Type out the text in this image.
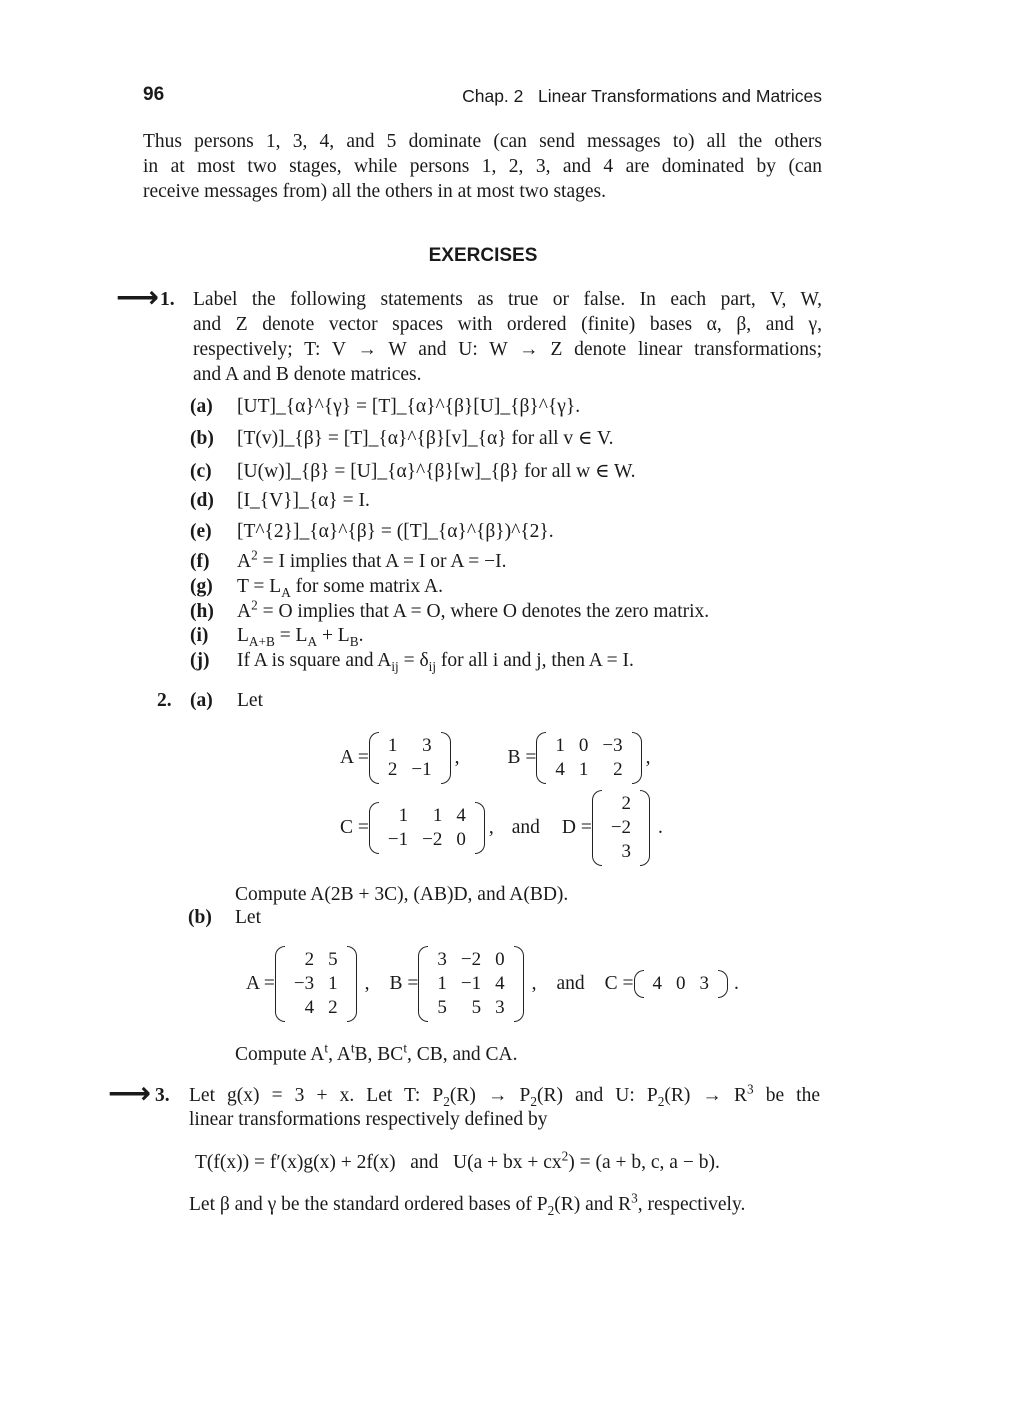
96	Chap. 2   Linear Transformations and Matrices
Thus persons 1, 3, 4, and 5 dominate (can send messages to) all the others
in at most two stages, while persons 1, 2, 3, and 4 are dominated by (can
receive messages from) all the others in at most two stages.
EXERCISES
⟶ 1. Label the following statements as true or false. In each part, V, W,
and Z denote vector spaces with ordered (finite) bases α, β, and γ,
respectively; T: V → W and U: W → Z denote linear transformations;
and A and B denote matrices.
(a) [UT]_{α}^{γ} = [T]_{α}^{β}[U]_{β}^{γ}.
(b) [T(v)]_{β} = [T]_{α}^{β}[v]_{α} for all v ∈ V.
(c) [U(w)]_{β} = [U]_{α}^{β}[w]_{β} for all w ∈ W.
(d) [I_{V}]_{α} = I.
(e) [T^{2}]_{α}^{β} = ([T]_{α}^{β})^{2}.
(f) $A^2 = I$ implies that A = I or A = −I.
(g) $T = L_A$ for some matrix A.
(h) $A^2 = O$ implies that A = O, where O denotes the zero matrix.
(i) $L_{A+B} = L_A + L_B$.
(j) If A is square and $A_{ij} = \delta_{ij}$ for all i and j, then A = I.
2. (a) Let
A =
1	3
2	−1
, B =
1	0	−3
4	1	2
,
C =
1	1	4
−1	−2	0
, and D =
2
−2
3
.
Compute A(2B + 3C), (AB)D, and A(BD).
(b) Let
A =
2	5
−3	1
4	2
, B =
3	−2	0
1	−1	4
5	5	3
, and C = 4	0	3 .
Compute $A^t$, $A^tB$, $BC^t$, CB, and CA.
⟶ 3. Let g(x) = 3 + x. Let T: $P_2(R) \to P_2(R)$ and U: $P_2(R) \to R^3$ be the
linear transformations respectively defined by
T(f(x)) = f′(x)g(x) + 2f(x)   and   U(a + bx + $cx^2) = (a + b$, c, a − b).
Let β and γ be the standard ordered bases of $P_2(R)$ and $R^3$, respectively.
